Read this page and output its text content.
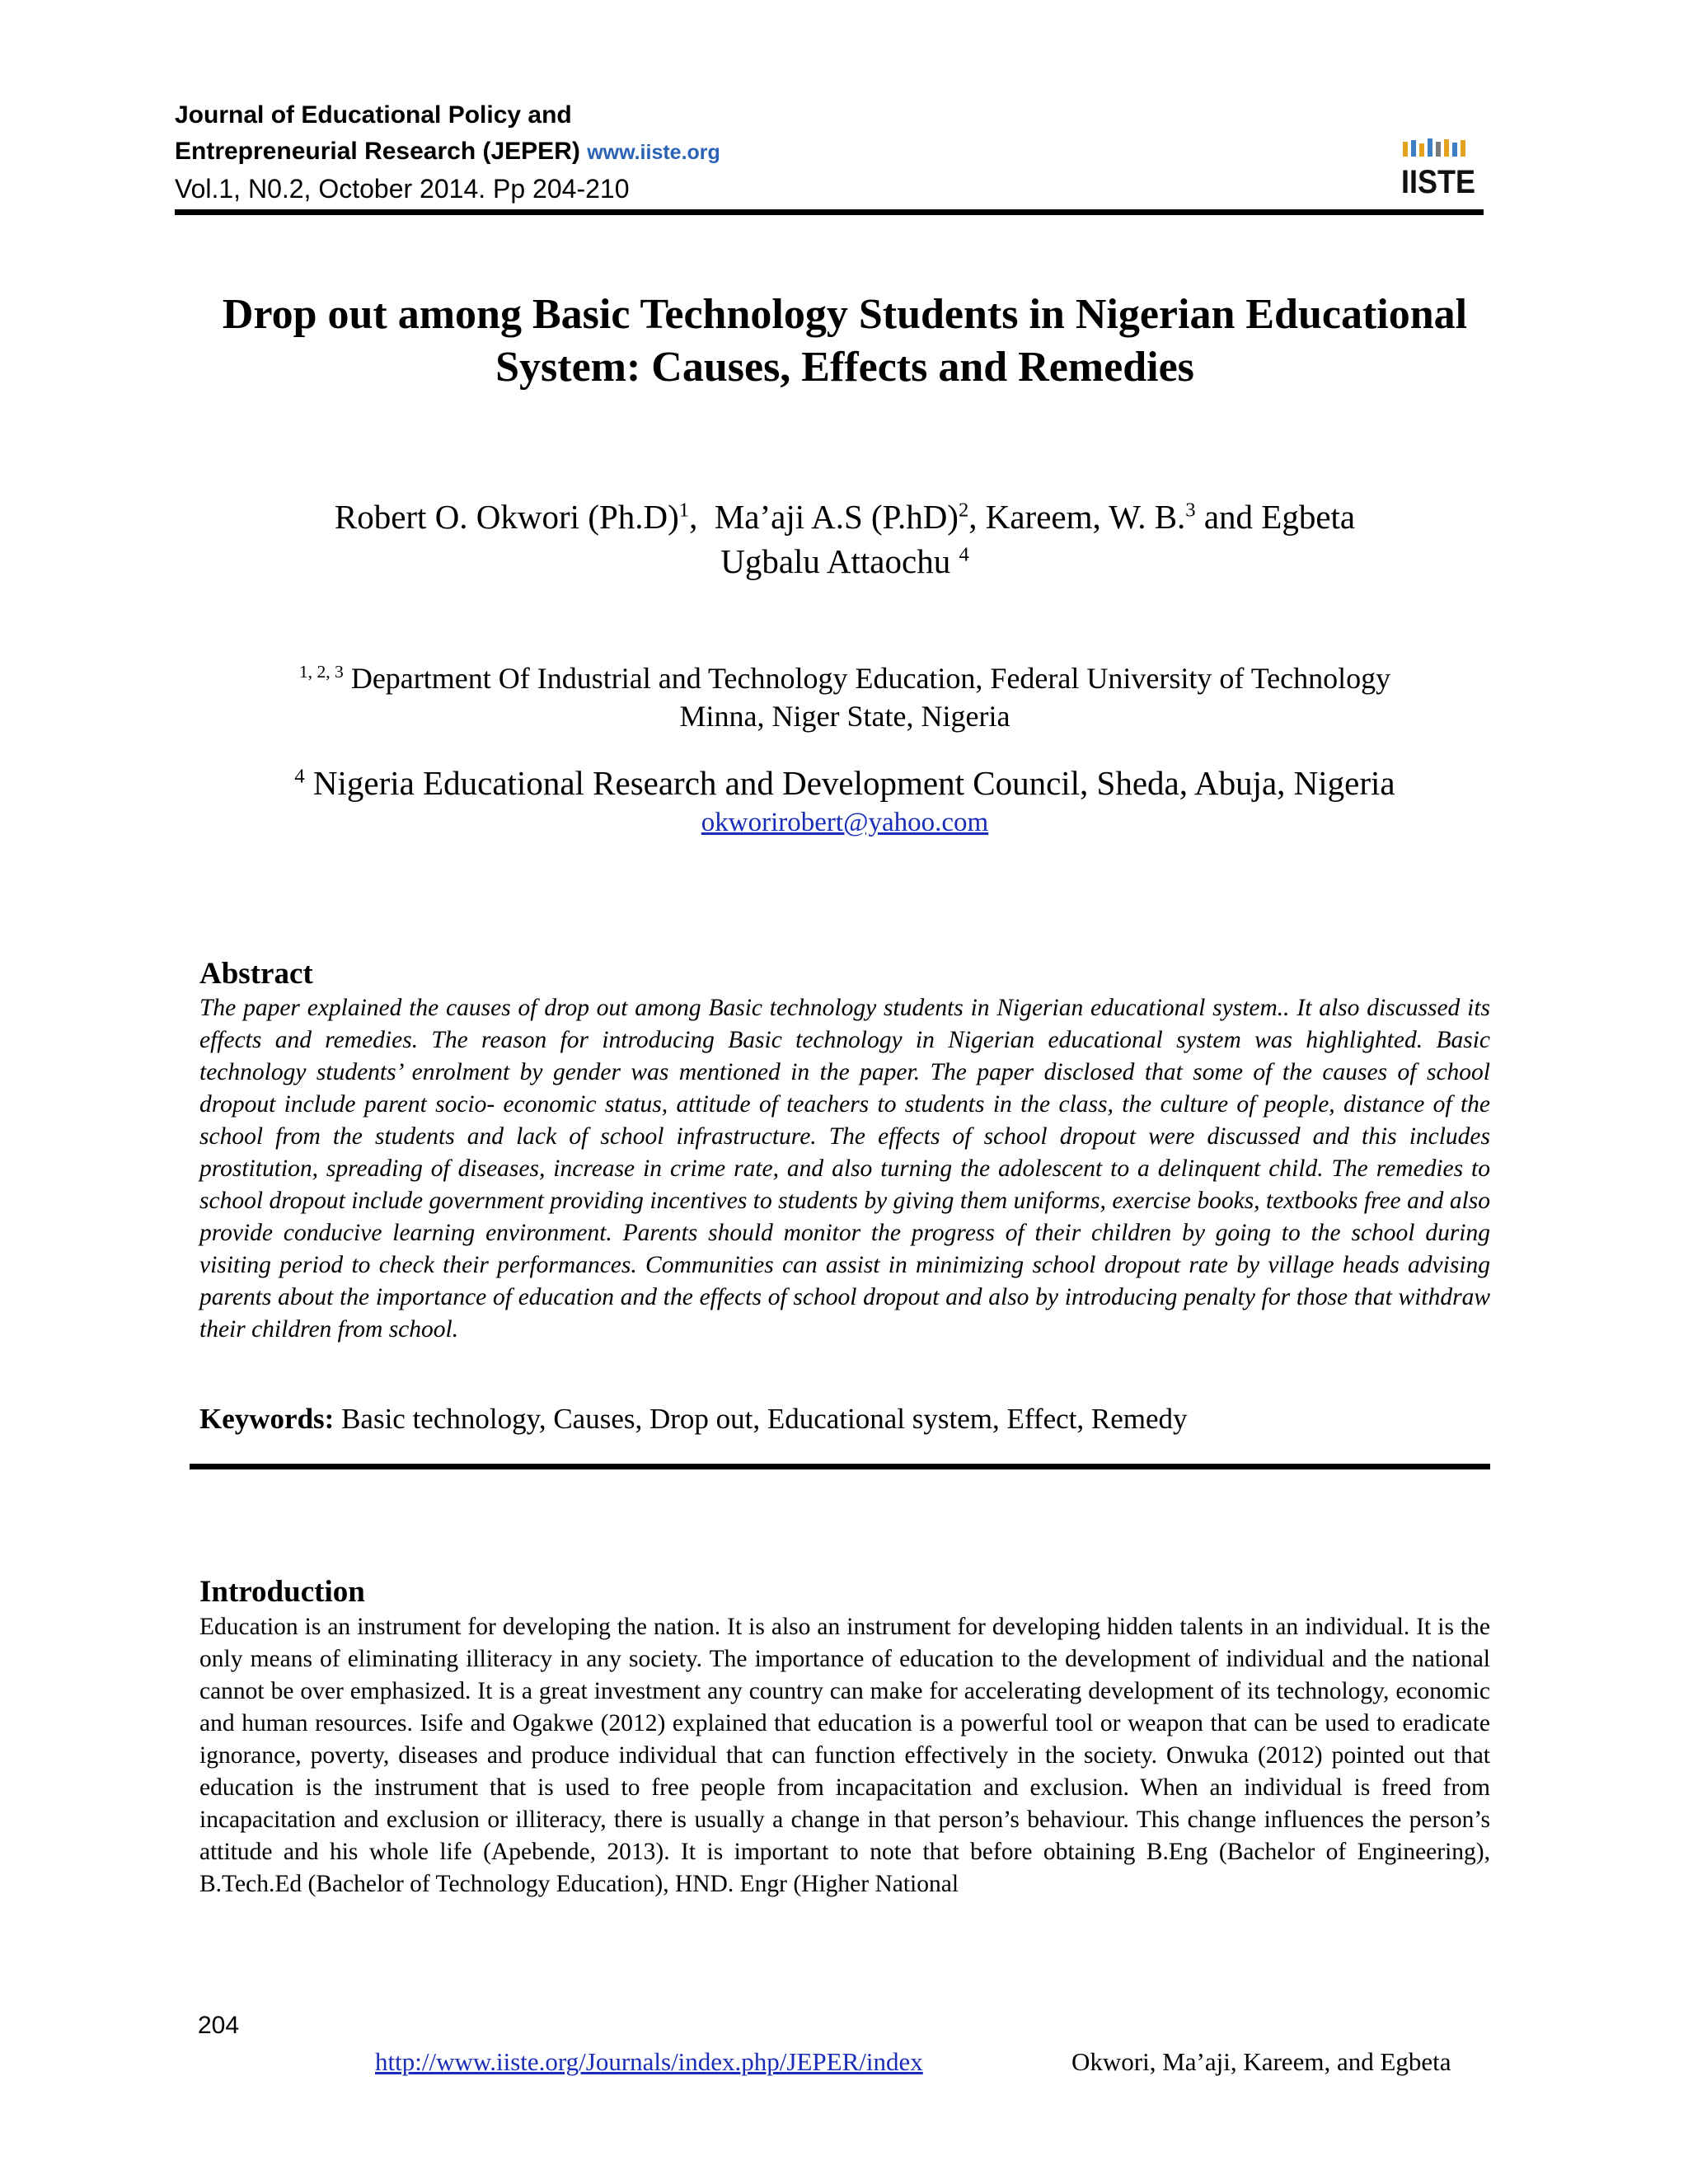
Journal of Educational Policy and
Entrepreneurial Research (JEPER) www.iiste.org
Vol.1, N0.2, October 2014. Pp 204-210	IISTE
Drop out among Basic Technology Students in Nigerian Educational
System: Causes, Effects and Remedies
Robert O. Okwori $(Ph.D)^1$,  Ma’aji A.S $(P.hD)^2$, Kareem, W. B.$^3$ and Egbeta
Ugbalu Attaochu $^4$
$^{1, 2, 3}$ Department Of Industrial and Technology Education, Federal University of Technology
Minna, Niger State, Nigeria
$^4$ Nigeria Educational Research and Development Council, Sheda, Abuja, Nigeria
okworirobert@yahoo.com
Abstract
The paper explained the causes of drop out among Basic technology students in Nigerian educational system.. It also discussed its effects and remedies. The reason for introducing Basic technology in Nigerian educational system was highlighted. Basic technology students’ enrolment by gender was mentioned in the paper. The paper disclosed that some of the causes of school dropout include parent socio- economic status, attitude of teachers to students in the class, the culture of people, distance of the school from the students and lack of school infrastructure. The effects of school dropout were discussed and this includes prostitution, spreading of diseases, increase in crime rate, and also turning the adolescent to a delinquent child. The remedies to school dropout include government providing incentives to students by giving them uniforms, exercise books, textbooks free and also provide conducive learning environment. Parents should monitor the progress of their children by going to the school during visiting period to check their performances. Communities can assist in minimizing school dropout rate by village heads advising parents about the importance of education and the effects of school dropout and also by introducing penalty for those that withdraw their children from school.
Keywords: Basic technology, Causes, Drop out, Educational system, Effect, Remedy
Introduction
Education is an instrument for developing the nation. It is also an instrument for developing hidden talents in an individual. It is the only means of eliminating illiteracy in any society. The importance of education to the development of individual and the national cannot be over emphasized. It is a great investment any country can make for accelerating development of its technology, economic and human resources. Isife and Ogakwe (2012) explained that education is a powerful tool or weapon that can be used to eradicate ignorance, poverty, diseases and produce individual that can function effectively in the society. Onwuka (2012) pointed out that education is the instrument that is used to free people from incapacitation and exclusion. When an individual is freed from incapacitation and exclusion or illiteracy, there is usually a change in that person’s behaviour. This change influences the person’s attitude and his whole life (Apebende, 2013). It is important to note that before obtaining B.Eng (Bachelor of Engineering), B.Tech.Ed (Bachelor of Technology Education), HND. Engr (Higher National
204
http://www.iiste.org/Journals/index.php/JEPER/index	Okwori, Ma’aji, Kareem, and Egbeta
